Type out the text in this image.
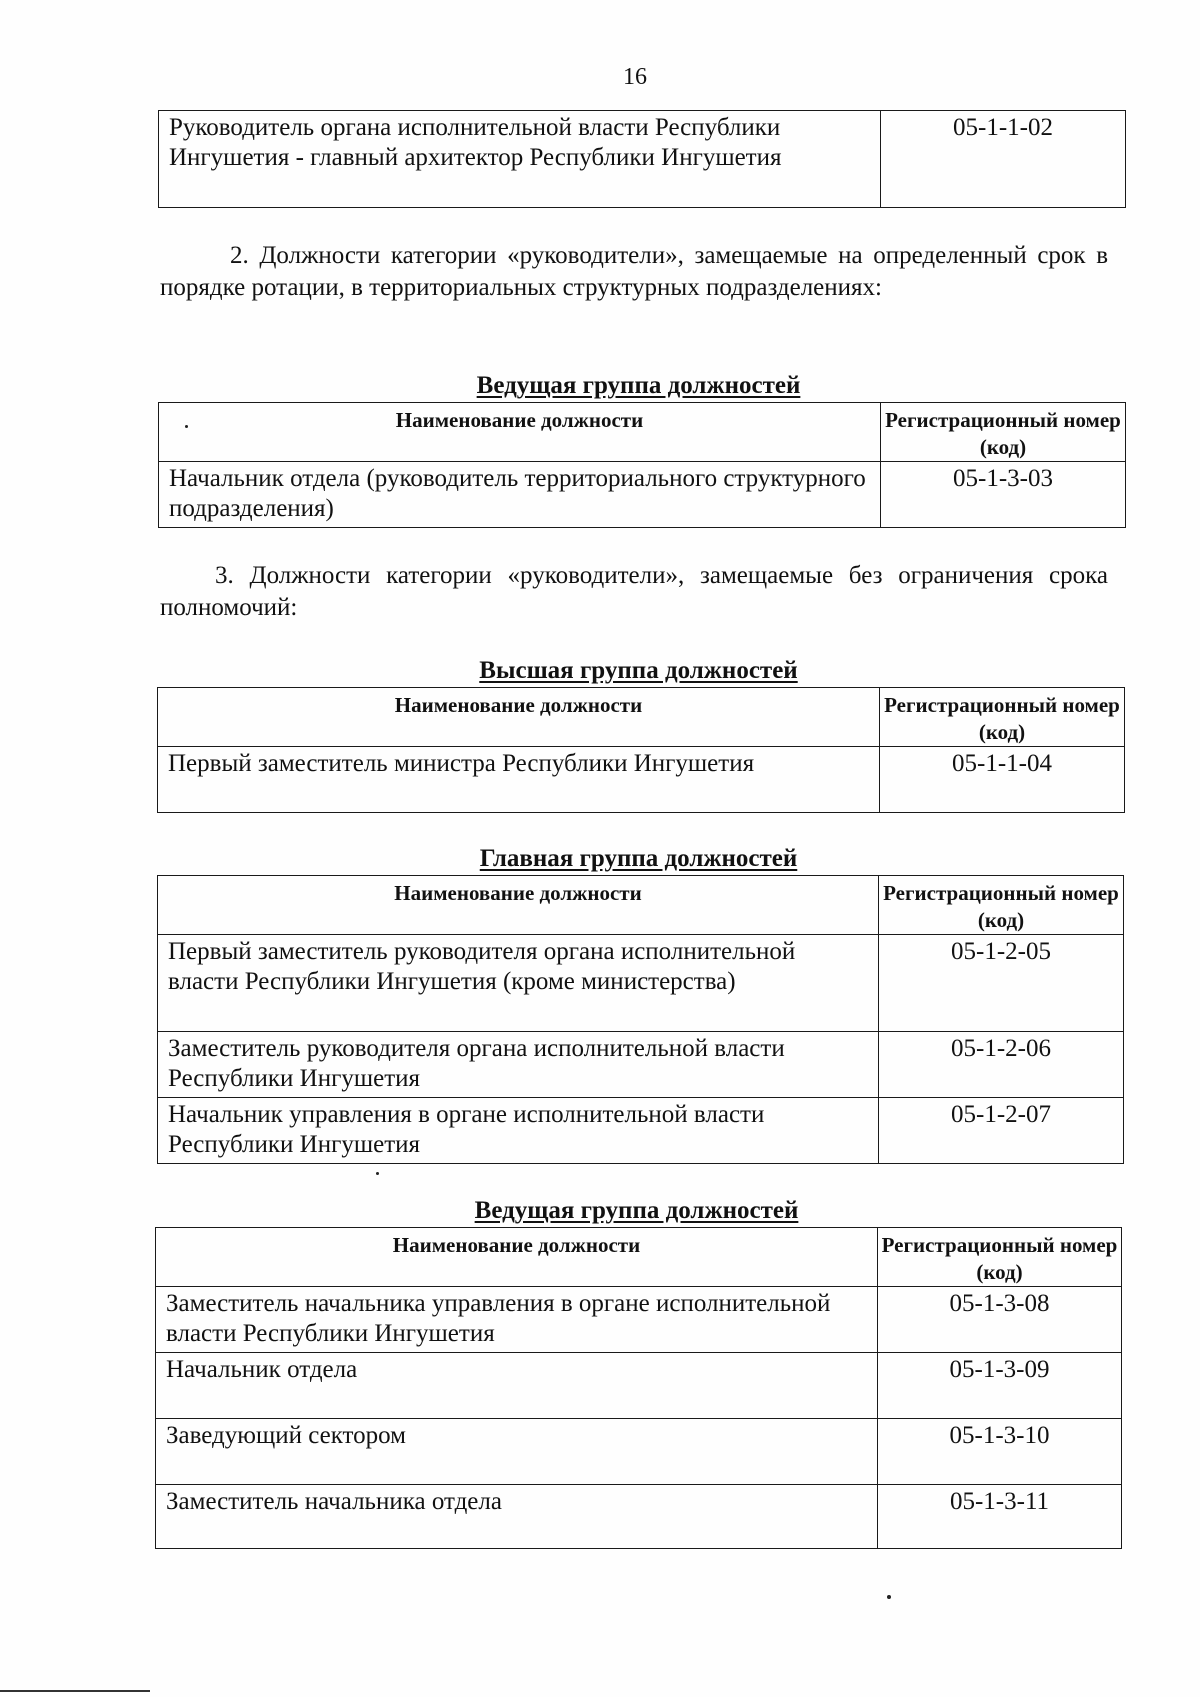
16
Руководитель органа исполнительной власти Республики Ингушетия - главный архитектор Республики Ингушетия	05-1-1-02
2. Должности категории «руководители», замещаемые на определенный срок в порядке ротации, в территориальных структурных подразделениях:
Ведущая группа должностей
Наименование должности	Регистрационный номер (код)
Начальник отдела (руководитель территориального структурного подразделения)	05-1-3-03
3. Должности категории «руководители», замещаемые без ограничения срока полномочий:
Высшая группа должностей
Наименование должности	Регистрационный номер (код)
Первый заместитель министра Республики Ингушетия	05-1-1-04
Главная группа должностей
Наименование должности	Регистрационный номер (код)
Первый заместитель руководителя органа исполнительной власти Республики Ингушетия (кроме министерства)	05-1-2-05
Заместитель руководителя органа исполнительной власти Республики Ингушетия	05-1-2-06
Начальник управления в органе исполнительной власти Республики Ингушетия	05-1-2-07
Ведущая группа должностей
Наименование должности	Регистрационный номер (код)
Заместитель начальника управления в органе исполнительной власти Республики Ингушетия	05-1-3-08
Начальник отдела	05-1-3-09
Заведующий сектором	05-1-3-10
Заместитель начальника отдела	05-1-3-11
